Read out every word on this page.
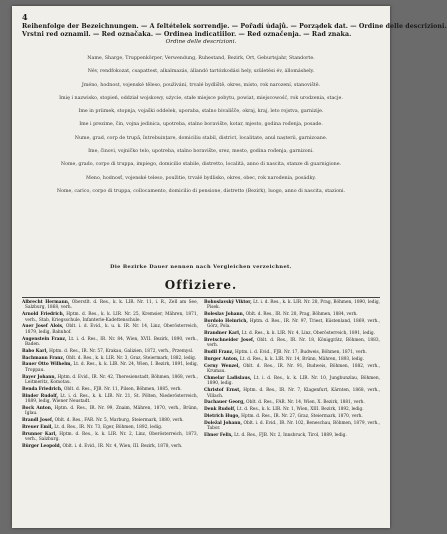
4
Reihenfolge der Bezeichnungen. — A feltételek sorrendje. — Pořadí údajů. — Porządek dat. — Ordine delle descrizioni.
Vrstni red oznamil. — Red označaka. — Ordinea indicatiilor. — Red označenja. — Rad znaka.
Ordine delle descrizioni.
Name, Sharge, Truppenkörper, Verwendung, Ruhestand, Bezirk, Ort, Geburtsjahr, Standorte.
Név, rendfokozat, csapattest, alkalmazás, állandó tartózkodási hely, születési év, állomáshely.
Jméno, hodnost, vojenské těleso, používání, trvalé bydliště, okres, místo, rok narození, stanoviště.
Imię i nazwisko, stopień, oddział wojskowy, użycie, stałe miejsce pobytu, powiat, miejscowość, rok urodzenia, stacje.
Ime in priimek, stopnja, vojaški oddelek, uporaba, stalno bivališče, okraj, kraj, leto rojstva, garnizije.
Ime i prezime, čin, vojna jedinica, upotreba, stalno boravište, kotar, mjesto, godina rođenja, posade.
Nume, grad, corp de trupă, întrebuințare, domiciliu stabil, district, localitate, anul nașterii, garnizoane.
Ime, činovi, vojničko telo, upotreba, stalno boravište, srez, mesto, godina rođenja, garnizoni.
Nome, grado, corpo di truppa, impiego, domicilio stabile, distretto, località, anno di nascita, stanze di guarnigione.
Meno, hodnosť, vojenské teleso, použitie, trvalé bydlisko, okres, obec, rok narodenia, posádky.
Nome, carico, corpo di truppa, collocamento, domicilio di pensione, distretto (Bezirk), luogo, anno di nascita, stazioni.
Die Bezirke Dauer nennen nach Vergleichen verzeichnet.
Offiziere.
Albrecht Hermann, Oberstlt. d. Res., k. k. LIR. Nr. 11, i. R., Zell am See, Salzburg, 1868, verh.
Arnold Friedrich, Hptm. d. Res., k. k. LIR. Nr. 25, Kremsier, Mähren, 1871, verh., Stab, Kriegsschule, Infanterie-Kadettenschule.
Auer Josef Alois, Oblt. i. d. Evid., k. u. k. IR. Nr. 14, Linz, Oberösterreich, 1879, ledig, Bahnhof.
Augenstein Franz, Lt. i. d. Res., IR. Nr. 84, Wien, XVII. Bezirk, 1890, verh., Baden.
Babo Karl, Hptm. d. Res., IR. Nr. 57, Krakau, Galizien, 1872, verh., Przemysl.
Bachmann Franz, Oblt. d. Res., k. k. LIR. Nr. 3, Graz, Steiermark, 1882, ledig.
Bauer Otto Wilhelm, Lt. d. Res., k. k. LIR. Nr. 24, Wien, I. Bezirk, 1891, ledig, Troppau.
Bayer Johann, Hptm. d. Evid., IR. Nr. 42, Theresienstadt, Böhmen, 1868, verh., Leitmeritz, Komotau.
Benda Friedrich, Oblt. d. Res., FJB. Nr. 11, Pilsen, Böhmen, 1885, verh.
Binder Rudolf, Lt. i. d. Res., k. k. LIR. Nr. 21, St. Pölten, Niederösterreich, 1889, ledig, Wiener Neustadt.
Bock Anton, Hptm. d. Res., IR. Nr. 99, Znaim, Mähren, 1870, verh., Brünn, Iglau.
Brandl Josef, Oblt. d. Res., FAR. Nr. 5, Marburg, Steiermark, 1880, verh.
Breuer Emil, Lt. d. Res., IR. Nr. 73, Eger, Böhmen, 1892, ledig.
Brunner Karl, Hptm. d. Res., k. k. LIR. Nr. 2, Linz, Oberösterreich, 1873, verh., Salzburg.
Bürger Leopold, Oblt. i. d. Evid., IR. Nr. 4, Wien, III. Bezirk, 1878, verh.
Bohuslavský Viktor, Lt. i. d. Res., k. k. LIR. Nr. 28, Prag, Böhmen, 1890, ledig, Pisek.
Boleslav Johann, Oblt. d. Res., IR. Nr. 28, Prag, Böhmen, 1884, verh.
Bordolo Heinrich, Hptm. d. Res., IR. Nr. 97, Triest, Küstenland, 1869, verh., Görz, Pola.
Brandner Karl, Lt. d. Res., k. k. LIR. Nr. 4, Linz, Oberösterreich, 1891, ledig.
Bretschneider Josef, Oblt. d. Res., IR. Nr. 18, Königgrätz, Böhmen, 1883, verh.
Budil Franz, Hptm. i. d. Evid., FJB. Nr. 17, Budweis, Böhmen, 1871, verh.
Burger Anton, Lt. d. Res., k. k. LIR. Nr. 14, Brünn, Mähren, 1893, ledig.
Cerny Wenzel, Oblt. d. Res., IR. Nr. 91, Budweis, Böhmen, 1882, verh., Krumau.
Chmelar Ladislaus, Lt. i. d. Res., k. k. LIR. Nr. 10, Jungbunzlau, Böhmen, 1890, ledig.
Christof Ernst, Hptm. d. Res., IR. Nr. 7, Klagenfurt, Kärnten, 1868, verh., Villach.
Dachauer Georg, Oblt. d. Res., FAR. Nr. 14, Wien, X. Bezirk, 1881, verh.
Denk Rudolf, Lt. d. Res., k. k. LIR. Nr. 1, Wien, XIII. Bezirk, 1892, ledig.
Dietrich Hugo, Hptm. d. Res., IR. Nr. 27, Graz, Steiermark, 1870, verh.
Doležal Johann, Oblt. i. d. Evid., IR. Nr. 102, Beneschau, Böhmen, 1879, verh., Tabor.
Ebner Felix, Lt. d. Res., FJB. Nr. 2, Innsbruck, Tirol, 1889, ledig.
